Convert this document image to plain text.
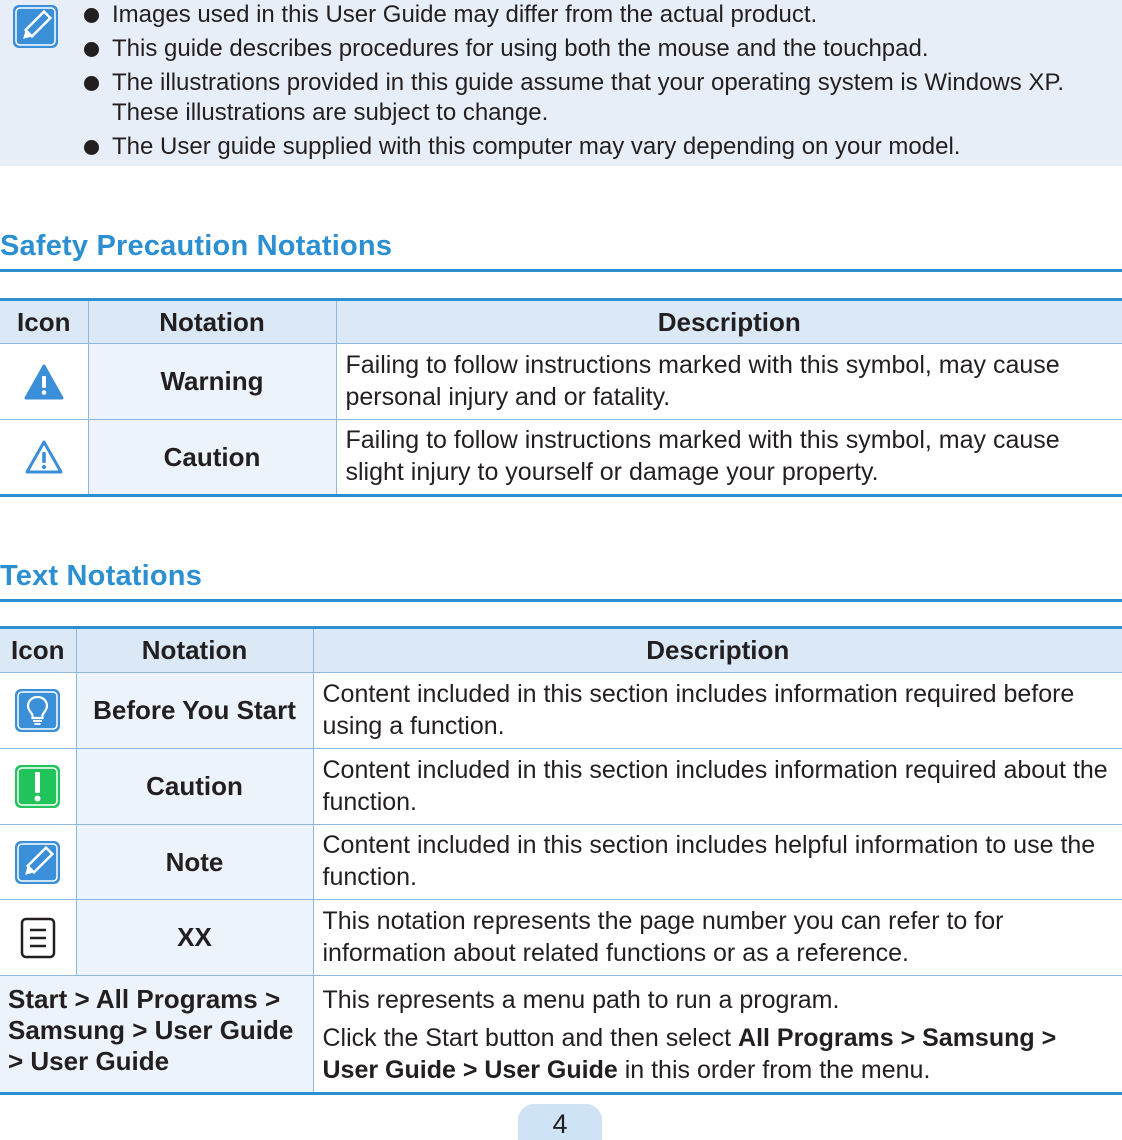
Images used in this User Guide may differ from the actual product.
This guide describes procedures for using both the mouse and the touchpad.
The illustrations provided in this guide assume that your operating system is Windows XP. These illustrations are subject to change.
The User guide supplied with this computer may vary depending on your model.
Safety Precaution Notations
Icon	Notation	Description
	Warning	Failing to follow instructions marked with this symbol, may cause personal injury and or fatality.
	Caution	Failing to follow instructions marked with this symbol, may cause slight injury to yourself or damage your property.
Text Notations
Icon	Notation	Description
	Before You Start	Content included in this section includes information required before using a function.
	Caution	Content included in this section includes information required about the function.
	Note	Content included in this section includes helpful information to use the function.
	XX	This notation represents the page number you can refer to for information about related functions or as a reference.
Start > All Programs > Samsung > User Guide > User Guide		This represents a menu path to run a program.

Click the Start button and then select All Programs > Samsung > User Guide > User Guide in this order from the menu.

4
